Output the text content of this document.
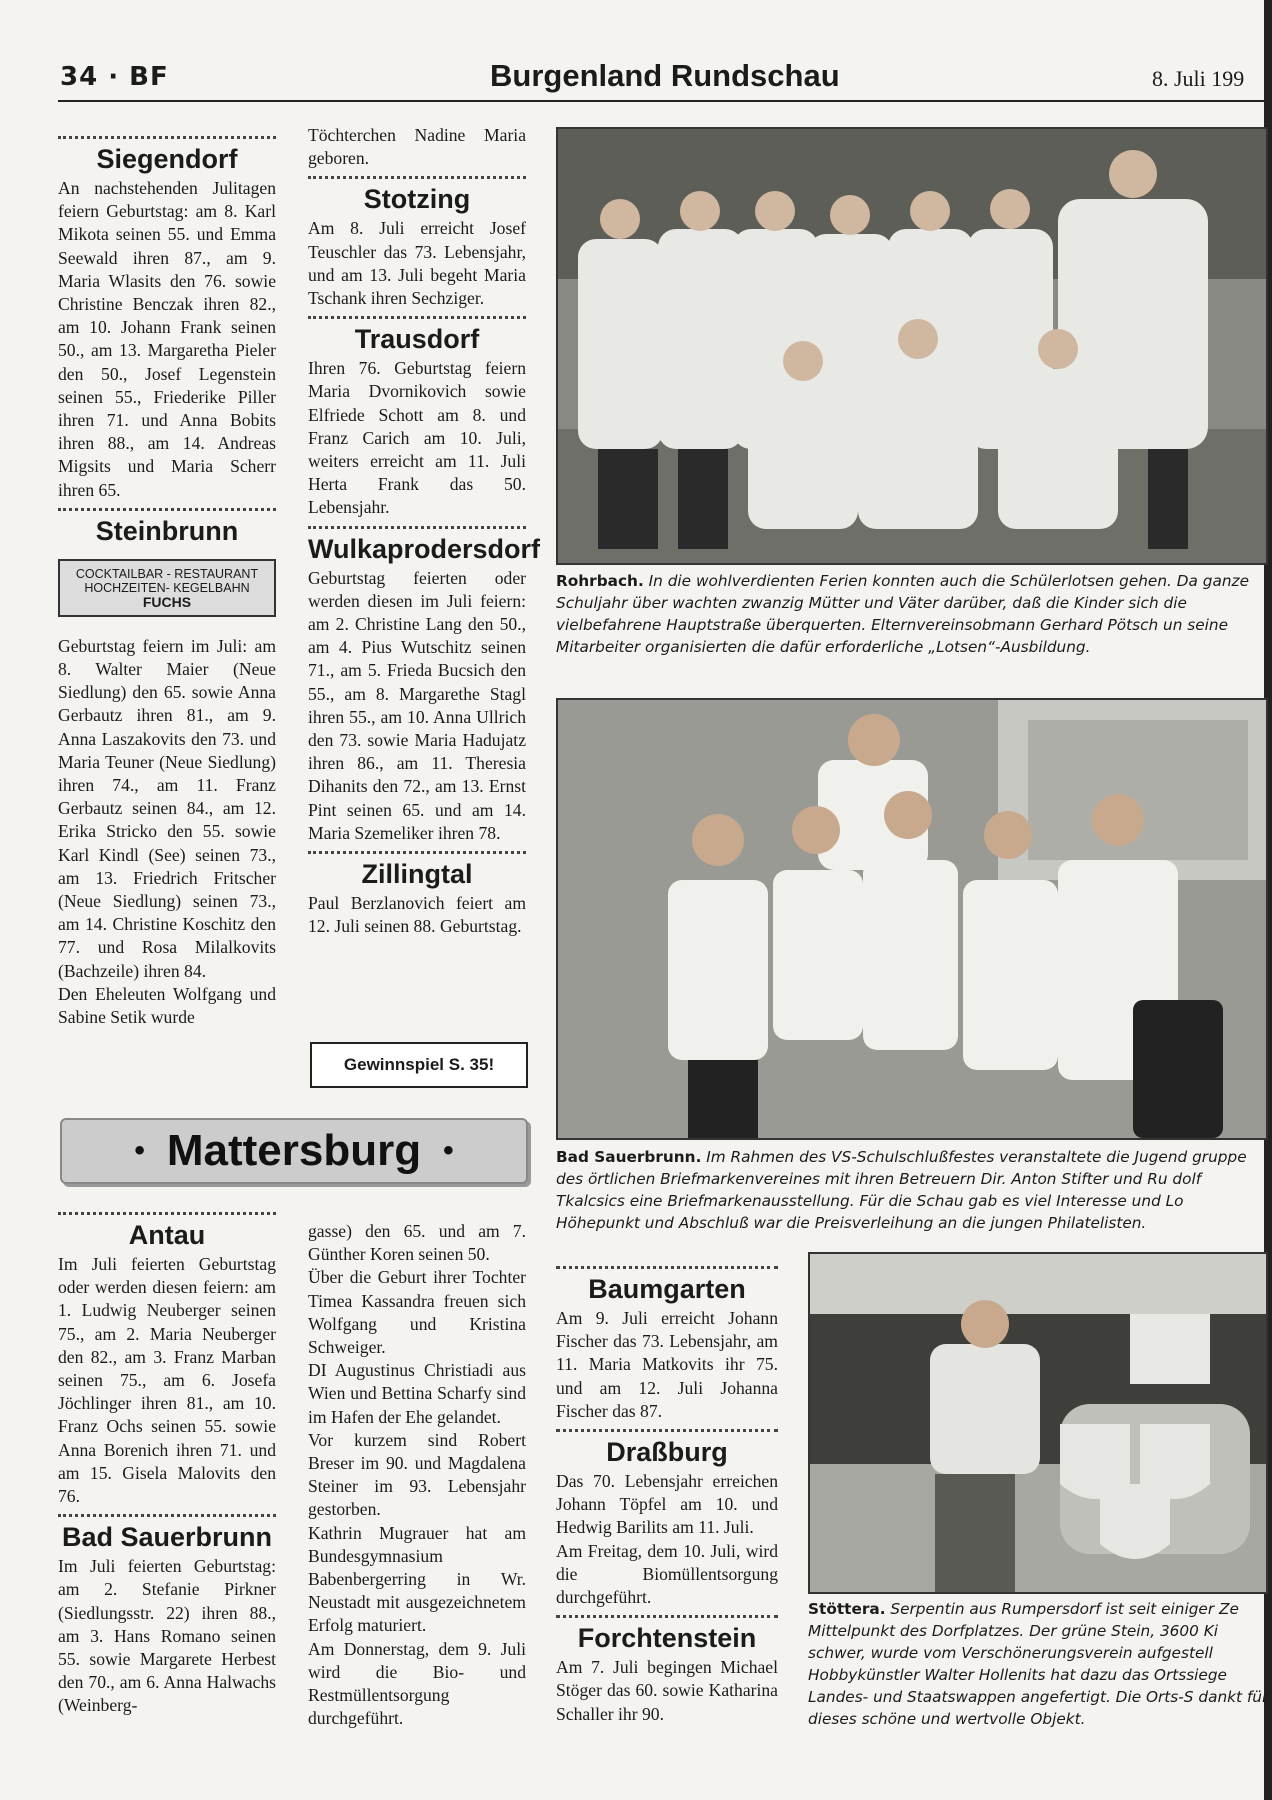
34 · BF	Burgenland Rundschau	8. Juli 199
Siegendorf

An nachstehenden Julitagen feiern Geburtstag: am 8. Karl Mikota seinen 55. und Emma Seewald ihren 87., am 9. Maria Wlasits den 76. sowie Christine Benczak ihren 82., am 10. Johann Frank seinen 50., am 13. Margaretha Pieler den 50., Josef Legenstein seinen 55., Friederike Piller ihren 71. und Anna Bobits ihren 88., am 14. Andreas Migsits und Maria Scherr ihren 65.

Steinbrunn
COCKTAILBAR - RESTAURANT
HOCHZEITEN- KEGELBAHN
FUCHS

Geburtstag feiern im Juli: am 8. Walter Maier (Neue Siedlung) den 65. sowie Anna Gerbautz ihren 81., am 9. Anna Laszakovits den 73. und Maria Teuner (Neue Siedlung) ihren 74., am 11. Franz Gerbautz seinen 84., am 12. Erika Stricko den 55. sowie Karl Kindl (See) seinen 73., am 13. Friedrich Fritscher (Neue Siedlung) seinen 73., am 14. Christine Koschitz den 77. und Rosa Milalkovits (Bachzeile) ihren 84.

Den Eheleuten Wolfgang und Sabine Setik wurde

Töchterchen Nadine Maria geboren.

Stotzing

Am 8. Juli erreicht Josef Teuschler das 73. Lebensjahr, und am 13. Juli begeht Maria Tschank ihren Sechziger.

Trausdorf

Ihren 76. Geburtstag feiern Maria Dvornikovich sowie Elfriede Schott am 8. und Franz Carich am 10. Juli, weiters erreicht am 11. Juli Herta Frank das 50. Lebensjahr.

Wulkaprodersdorf

Geburtstag feierten oder werden diesen im Juli feiern: am 2. Christine Lang den 50., am 4. Pius Wutschitz seinen 71., am 5. Frieda Bucsich den 55., am 8. Margarethe Stagl ihren 55., am 10. Anna Ullrich den 73. sowie Maria Hadujatz ihren 86., am 11. Theresia Dihanits den 72., am 13. Ernst Pint seinen 65. und am 14. Maria Szemeliker ihren 78.

Zillingtal

Paul Berzlanovich feiert am 12. Juli seinen 88. Geburtstag.

Gewinnspiel S. 35!
• Mattersburg •
Antau

Im Juli feierten Geburtstag oder werden diesen feiern: am 1. Ludwig Neuberger seinen 75., am 2. Maria Neuberger den 82., am 3. Franz Marban seinen 75., am 6. Josefa Jöchlinger ihren 81., am 10. Franz Ochs seinen 55. sowie Anna Borenich ihren 71. und am 15. Gisela Malovits den 76.

Bad Sauerbrunn

Im Juli feierten Geburtstag: am 2. Stefanie Pirkner (Siedlungsstr. 22) ihren 88., am 3. Hans Romano seinen 55. sowie Margarete Herbest den 70., am 6. Anna Halwachs (Weinberg-

gasse) den 65. und am 7. Günther Koren seinen 50.

Über die Geburt ihrer Tochter Timea Kassandra freuen sich Wolfgang und Kristina Schweiger.

DI Augustinus Christiadi aus Wien und Bettina Scharfy sind im Hafen der Ehe gelandet.

Vor kurzem sind Robert Breser im 90. und Magdalena Steiner im 93. Lebensjahr gestorben.

Kathrin Mugrauer hat am Bundesgymnasium Babenbergerring in Wr. Neustadt mit ausgezeichnetem Erfolg maturiert.

Am Donnerstag, dem 9. Juli wird die Bio- und Restmüllentsorgung durchgeführt.

Baumgarten

Am 9. Juli erreicht Johann Fischer das 73. Lebensjahr, am 11. Maria Matkovits ihr 75. und am 12. Juli Johanna Fischer das 87.

Draßburg

Das 70. Lebensjahr erreichen Johann Töpfel am 10. und Hedwig Barilits am 11. Juli.

Am Freitag, dem 10. Juli, wird die Biomüllentsorgung durchgeführt.

Forchtenstein

Am 7. Juli begingen Michael Stöger das 60. sowie Katharina Schaller ihr 90.

Rohrbach. In die wohlverdienten Ferien konnten auch die Schülerlotsen gehen. Da ganze Schuljahr über wachten zwanzig Mütter und Väter darüber, daß die Kinder sich die vielbefahrene Hauptstraße überquerten. Elternvereinsobmann Gerhard Pötsch un seine Mitarbeiter organisierten die dafür erforderliche „Lotsen“-Ausbildung.
Bad Sauerbrunn. Im Rahmen des VS-Schulschlußfestes veranstaltete die Jugend gruppe des örtlichen Briefmarkenvereines mit ihren Betreuern Dir. Anton Stifter und Ru dolf Tkalcsics eine Briefmarkenausstellung. Für die Schau gab es viel Interesse und Lo Höhepunkt und Abschluß war die Preisverleihung an die jungen Philatelisten.
Stöttera. Serpentin aus Rumpersdorf ist seit einiger Ze Mittelpunkt des Dorfplatzes. Der grüne Stein, 3600 Ki schwer, wurde vom Verschönerungsverein aufgestell Hobbykünstler Walter Hollenits hat dazu das Ortssiege Landes- und Staatswappen angefertigt. Die Orts-S dankt für dieses schöne und wertvolle Objekt.
